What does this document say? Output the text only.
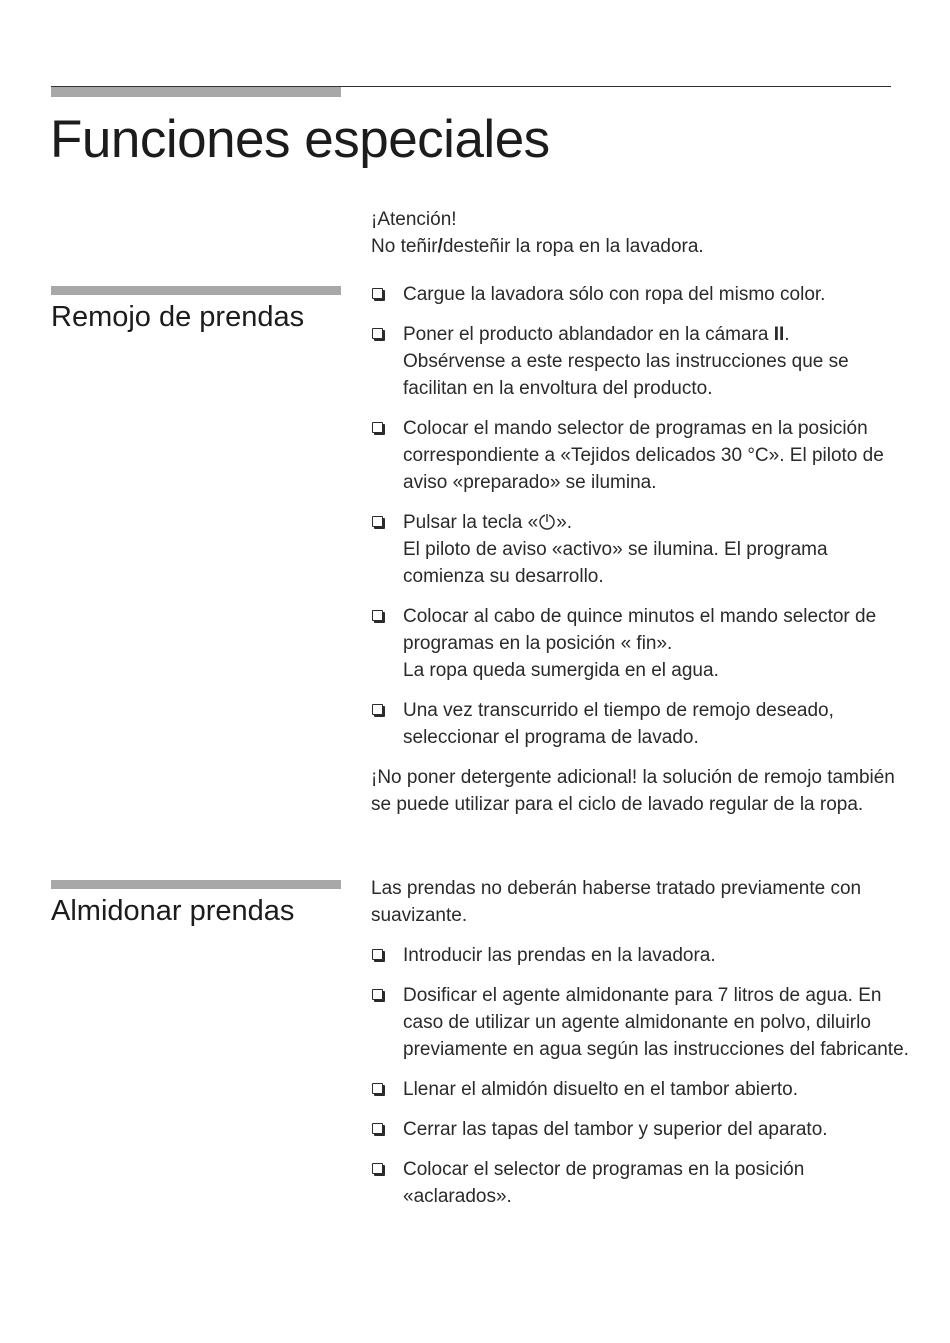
Funciones especiales

¡Atención!

No teñir/desteñir la ropa en la lavadora.

Remojo de prendas
Cargue la lavadora sólo con ropa del mismo color.
Poner el producto ablandador en la cámara II.
Obsérvense a este respecto las instrucciones que se facilitan en la envoltura del producto.
Colocar el mando selector de programas en la posición correspondiente a «Tejidos delicados 30 °C». El piloto de aviso «preparado» se ilumina.
Pulsar la tecla « ».
El piloto de aviso «activo» se ilumina. El programa comienza su desarrollo.
Colocar al cabo de quince minutos el mando selector de programas en la posición « fin».
La ropa queda sumergida en el agua.
Una vez transcurrido el tiempo de remojo deseado, seleccionar el programa de lavado.

¡No poner detergente adicional! la solución de remojo también se puede utilizar para el ciclo de lavado regular de la ropa.

Almidonar prendas

Las prendas no deberán haberse tratado previamente con suavizante.

Introducir las prendas en la lavadora.
Dosificar el agente almidonante para 7 litros de agua. En caso de utilizar un agente almidonante en polvo, diluirlo previamente en agua según las instrucciones del fabricante.
Llenar el almidón disuelto en el tambor abierto.
Cerrar las tapas del tambor y superior del aparato.
Colocar el selector de programas en la posición «aclarados».
